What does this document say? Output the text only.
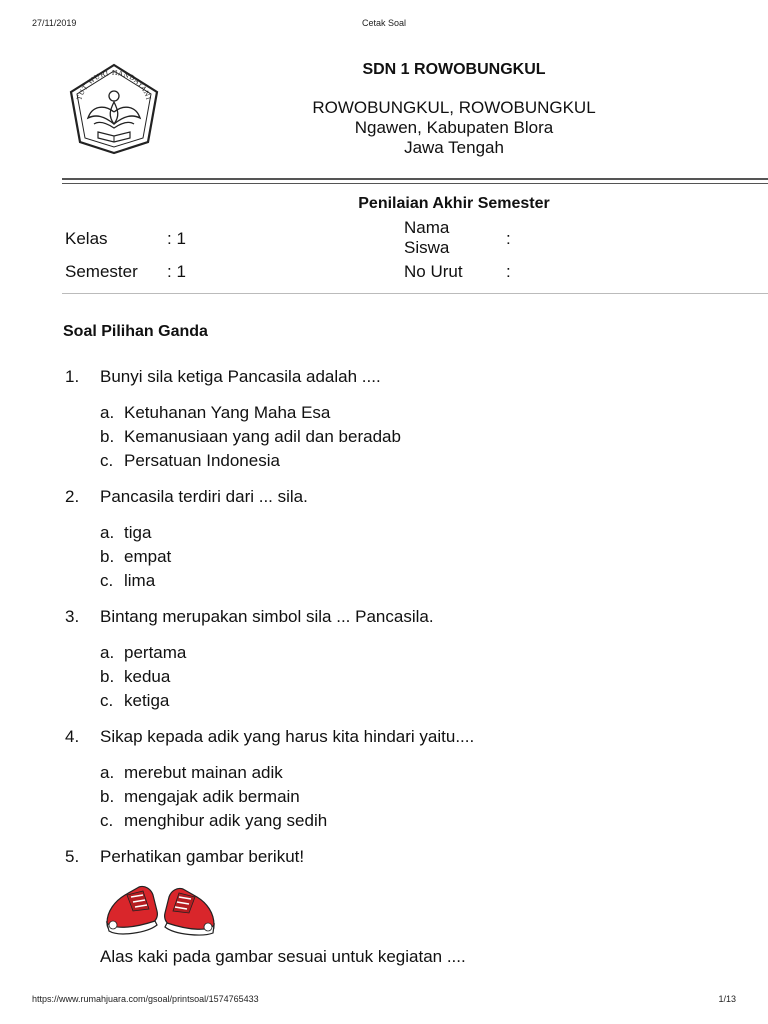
27/11/2019	Cetak Soal
TUT WURI HANDAYANI
SDN 1 ROWOBUNGKUL
ROWOBUNGKUL, ROWOBUNGKUL
Ngawen, Kabupaten Blora
Jawa Tengah
Penilaian Akhir Semester
Kelas	: 1
Semester : 1
Nama Siswa	:
No Urut	:
Soal Pilihan Ganda
1.	Bunyi sila ketiga Pancasila adalah ....
a. Ketuhanan Yang Maha Esa
b. Kemanusiaan yang adil dan beradab
c. Persatuan Indonesia
2.	Pancasila terdiri dari ... sila.
a. tiga
b. empat
c. lima
3.	Bintang merupakan simbol sila ... Pancasila.
a. pertama
b. kedua
c. ketiga
4.	Sikap kepada adik yang harus kita hindari yaitu....
a. merebut mainan adik
b. mengajak adik bermain
c. menghibur adik yang sedih
5.	Perhatikan gambar berikut!
Alas kaki pada gambar sesuai untuk kegiatan ....
https://www.rumahjuara.com/gsoal/printsoal/1574765433	1/13
